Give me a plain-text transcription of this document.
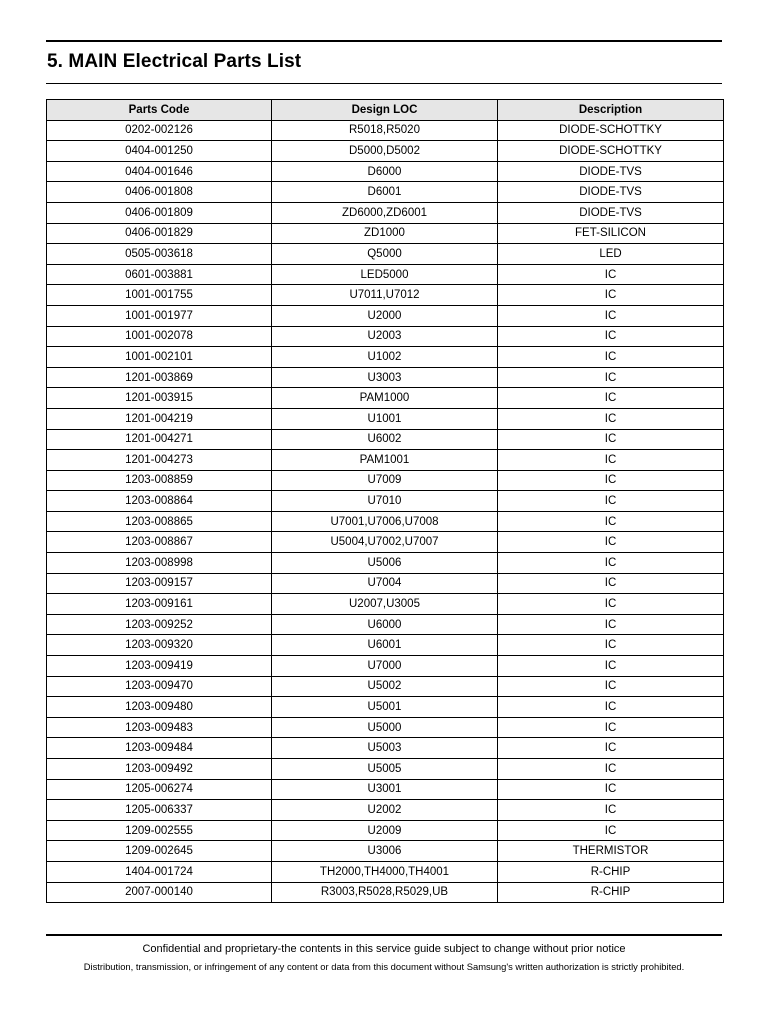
5. MAIN Electrical Parts List
Parts Code	Design LOC	Description
0202-002126	R5018,R5020	DIODE-SCHOTTKY
0404-001250	D5000,D5002	DIODE-SCHOTTKY
0404-001646	D6000	DIODE-TVS
0406-001808	D6001	DIODE-TVS
0406-001809	ZD6000,ZD6001	DIODE-TVS
0406-001829	ZD1000	FET-SILICON
0505-003618	Q5000	LED
0601-003881	LED5000	IC
1001-001755	U7011,U7012	IC
1001-001977	U2000	IC
1001-002078	U2003	IC
1001-002101	U1002	IC
1201-003869	U3003	IC
1201-003915	PAM1000	IC
1201-004219	U1001	IC
1201-004271	U6002	IC
1201-004273	PAM1001	IC
1203-008859	U7009	IC
1203-008864	U7010	IC
1203-008865	U7001,U7006,U7008	IC
1203-008867	U5004,U7002,U7007	IC
1203-008998	U5006	IC
1203-009157	U7004	IC
1203-009161	U2007,U3005	IC
1203-009252	U6000	IC
1203-009320	U6001	IC
1203-009419	U7000	IC
1203-009470	U5002	IC
1203-009480	U5001	IC
1203-009483	U5000	IC
1203-009484	U5003	IC
1203-009492	U5005	IC
1205-006274	U3001	IC
1205-006337	U2002	IC
1209-002555	U2009	IC
1209-002645	U3006	THERMISTOR
1404-001724	TH2000,TH4000,TH4001	R-CHIP
2007-000140	R3003,R5028,R5029,UB	R-CHIP
Confidential and proprietary-the contents in this service guide subject to change without prior notice
Distribution, transmission, or infringement of any content or data from this document without Samsung's written authorization is strictly prohibited.
